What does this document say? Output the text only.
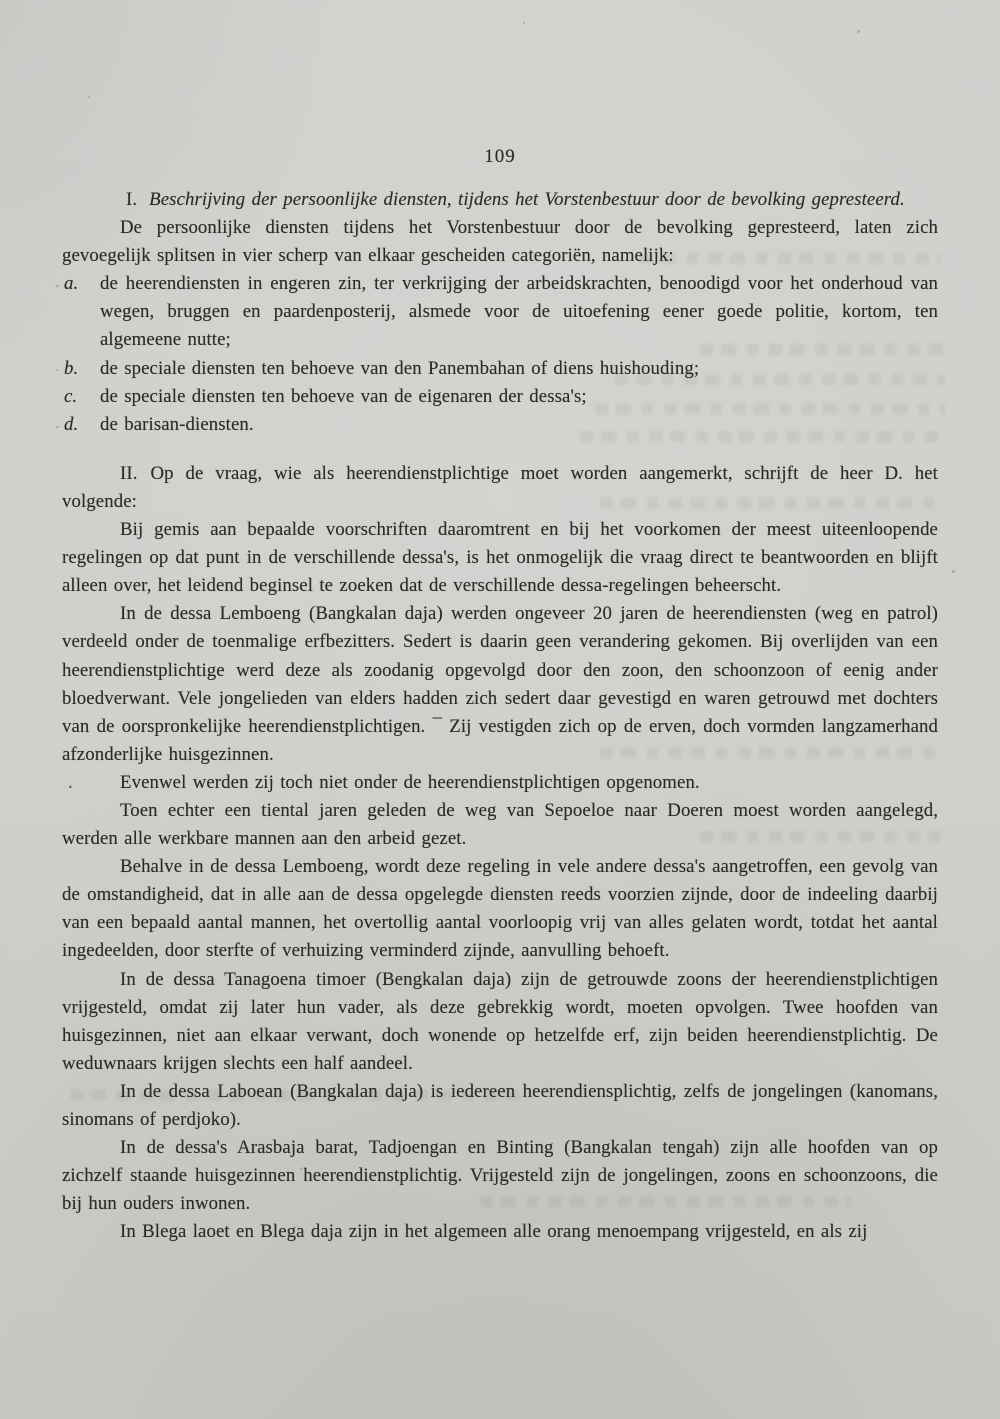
109

I. Beschrijving der persoonlijke diensten, tijdens het Vorstenbestuur door de bevolking gepresteerd.

De persoonlijke diensten tijdens het Vorstenbestuur door de bevolking gepresteerd, laten zich gevoegelijk splitsen in vier scherp van elkaar gescheiden categoriën, namelijk:

- a. de heerendiensten in engeren zin, ter verkrijging der arbeidskrachten, benoodigd voor het onderhoud van wegen, bruggen en paardenposterij, alsmede voor de uitoefening eener goede politie, kortom, ten algemeene nutte;
· b. de speciale diensten ten behoeve van den Panembahan of diens huishouding;
c. de speciale diensten ten behoeve van de eigenaren der dessa's;
- d. de barisan-diensten.

II. Op de vraag, wie als heerendienstplichtige moet worden aangemerkt, schrijft de heer D. het volgende:

Bij gemis aan bepaalde voorschriften daaromtrent en bij het voorkomen der meest uiteenloopende regelingen op dat punt in de verschillende dessa's, is het onmogelijk die vraag direct te beantwoorden en blijft alleen over, het leidend beginsel te zoeken dat de verschillende dessa-regelingen beheerscht.

In de dessa Lemboeng (Bangkalan daja) werden ongeveer 20 jaren de heerendiensten (weg en patrol) verdeeld onder de toenmalige erfbezitters. Sedert is daarin geen verandering gekomen. Bij overlijden van een heerendienstplichtige werd deze als zoodanig opgevolgd door den zoon, den schoonzoon of eenig ander bloedverwant. Vele jongelieden van elders hadden zich sedert daar gevestigd en waren getrouwd met dochters van de oorspronkelijke heerendienstplichtigen. ¯ Zij vestigden zich op de erven, doch vormden langzamerhand afzonderlijke huisgezinnen.

.	Evenwel werden zij toch niet onder de heerendienstplichtigen opgenomen.

Toen echter een tiental jaren geleden de weg van Sepoeloe naar Doeren moest worden aangelegd, werden alle werkbare mannen aan den arbeid gezet.

Behalve in de dessa Lemboeng, wordt deze regeling in vele andere dessa's aangetroffen, een gevolg van de omstandigheid, dat in alle aan de dessa opgelegde diensten reeds voorzien zijnde, door de indeeling daarbij van een bepaald aantal mannen, het overtollig aantal voorloopig vrij van alles gelaten wordt, totdat het aantal ingedeelden, door sterfte of verhuizing verminderd zijnde, aanvulling behoeft.

In de dessa Tanagoena timoer (Bengkalan daja) zijn de getrouwde zoons der heerendienstplichtigen vrijgesteld, omdat zij later hun vader, als deze gebrekkig wordt, moeten opvolgen. Twee hoofden van huisgezinnen, niet aan elkaar verwant, doch wonende op hetzelfde erf, zijn beiden heerendienstplichtig. De weduwnaars krijgen slechts een half aandeel.

In de dessa Laboean (Bangkalan daja) is iedereen heerendiensplichtig, zelfs de jongelingen (kanomans, sinomans of perdjoko).

In de dessa's Arasbaja barat, Tadjoengan en Binting (Bangkalan tengah) zijn alle hoofden van op zichzelf staande huisgezinnen heerendienstplichtig. Vrijgesteld zijn de jongelingen, zoons en schoonzoons, die bij hun ouders inwonen.

In Blega laoet en Blega daja zijn in het algemeen alle orang menoempang vrijgesteld, en als zij
